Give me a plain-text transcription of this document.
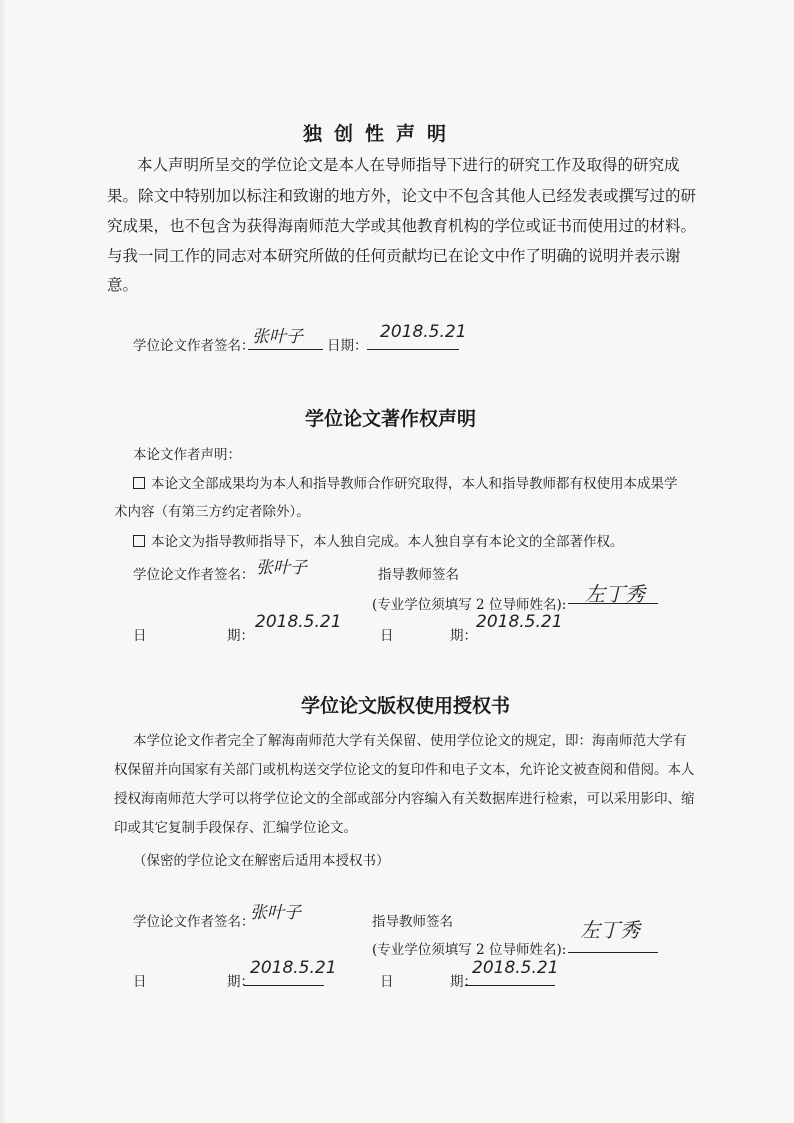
独创性声明
本人声明所呈交的学位论文是本人在导师指导下进行的研究工作及取得的研究成
果。除文中特别加以标注和致谢的地方外，论文中不包含其他人已经发表或撰写过的研
究成果，也不包含为获得海南师范大学或其他教育机构的学位或证书而使用过的材料。
与我一同工作的同志对本研究所做的任何贡献均已在论文中作了明确的说明并表示谢
意。
学位论文作者签名：
张叶子 日期：
2018.5.21
学位论文著作权声明
本论文作者声明：
本论文全部成果均为本人和指导教师合作研究取得，本人和指导教师都有权使用本成果学
术内容（有第三方约定者除外）。
本论文为指导教师指导下，本人独自完成。本人独自享有本论文的全部著作权。
学位论文作者签名： 张叶子	指导教师签名
(专业学位须填写 2 位导师姓名): 左丁秀
日	期：
2018.5.21
日	期：
2018.5.21
学位论文版权使用授权书
本学位论文作者完全了解海南师范大学有关保留、使用学位论文的规定，即：海南师范大学有
权保留并向国家有关部门或机构送交学位论文的复印件和电子文本，允许论文被查阅和借阅。本人
授权海南师范大学可以将学位论文的全部或部分内容编入有关数据库进行检索，可以采用影印、缩
印或其它复制手段保存、汇编学位论文。
（保密的学位论文在解密后适用本授权书）
学位论文作者签名：
张叶子	指导教师签名
(专业学位须填写 2 位导师姓名):
左丁秀
日	期：
2018.5.21
日	期：
2018.5.21
